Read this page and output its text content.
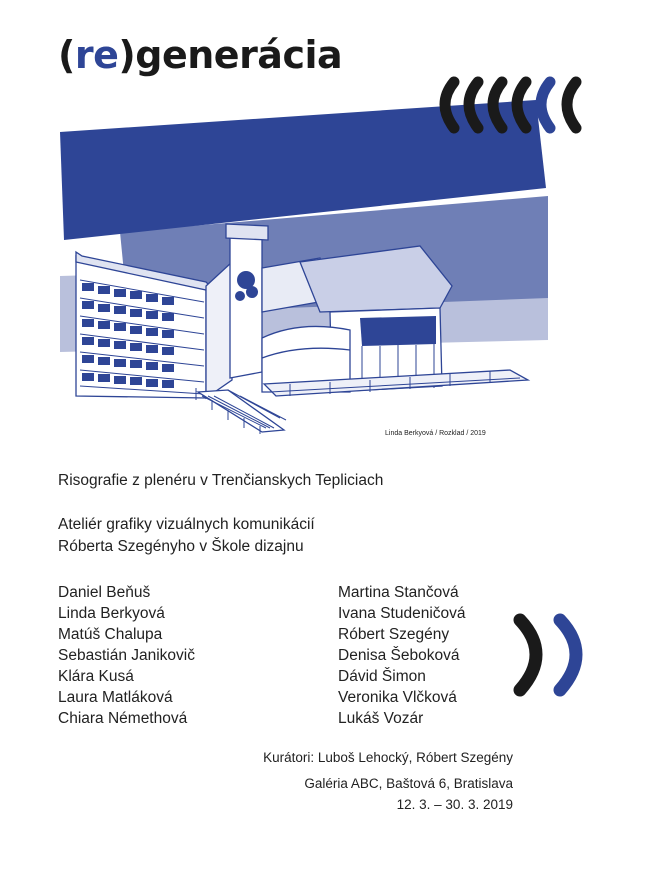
(re)generácia
Linda Berkyová / Rozklad / 2019
Risografie z plenéru v Trenčianskych Tepliciach
Ateliér grafiky vizuálnych komunikácií
Róberta Szegényho v Škole dizajnu
Daniel Beňuš
Linda Berkyová
Matúš Chalupa
Sebastián Janikovič
Klára Kusá
Laura Matláková
Chiara Némethová
Martina Stančová
Ivana Studeničová
Róbert Szegény
Denisa Šeboková
Dávid Šimon
Veronika Vlčková
Lukáš Vozár
Kurátori: Luboš Lehocký, Róbert Szegény
Galéria ABC, Baštová 6, Bratislava
12. 3. – 30. 3. 2019
